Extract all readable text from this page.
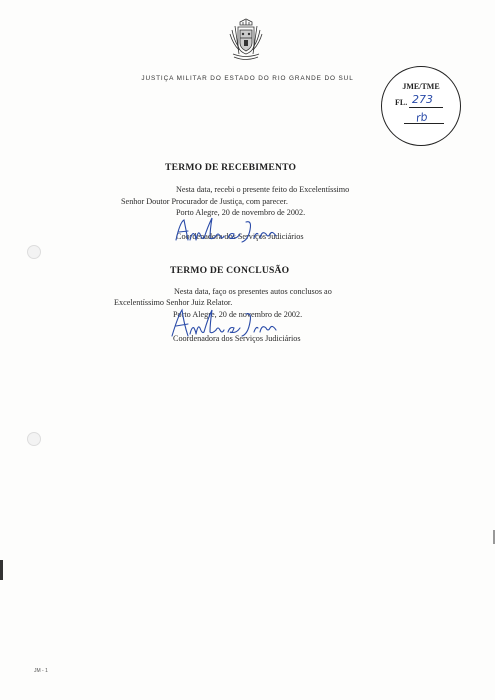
JUSTIÇA MILITAR DO ESTADO DO RIO GRANDE DO SUL
JME/TME
FL. 273
rb
TERMO DE RECEBIMENTO
Nesta data, recebi o presente feito do Excelentíssimo
Senhor Doutor Procurador de Justiça, com parecer.
Porto Alegre, 20 de novembro de 2002.
Coordenadora dos Serviços Judiciários
TERMO DE CONCLUSÃO
Nesta data, faço os presentes autos conclusos ao
Excelentíssimo Senhor Juiz Relator.
Porto Alegre, 20 de novembro de 2002.
Coordenadora dos Serviços Judiciários
JM - 1
